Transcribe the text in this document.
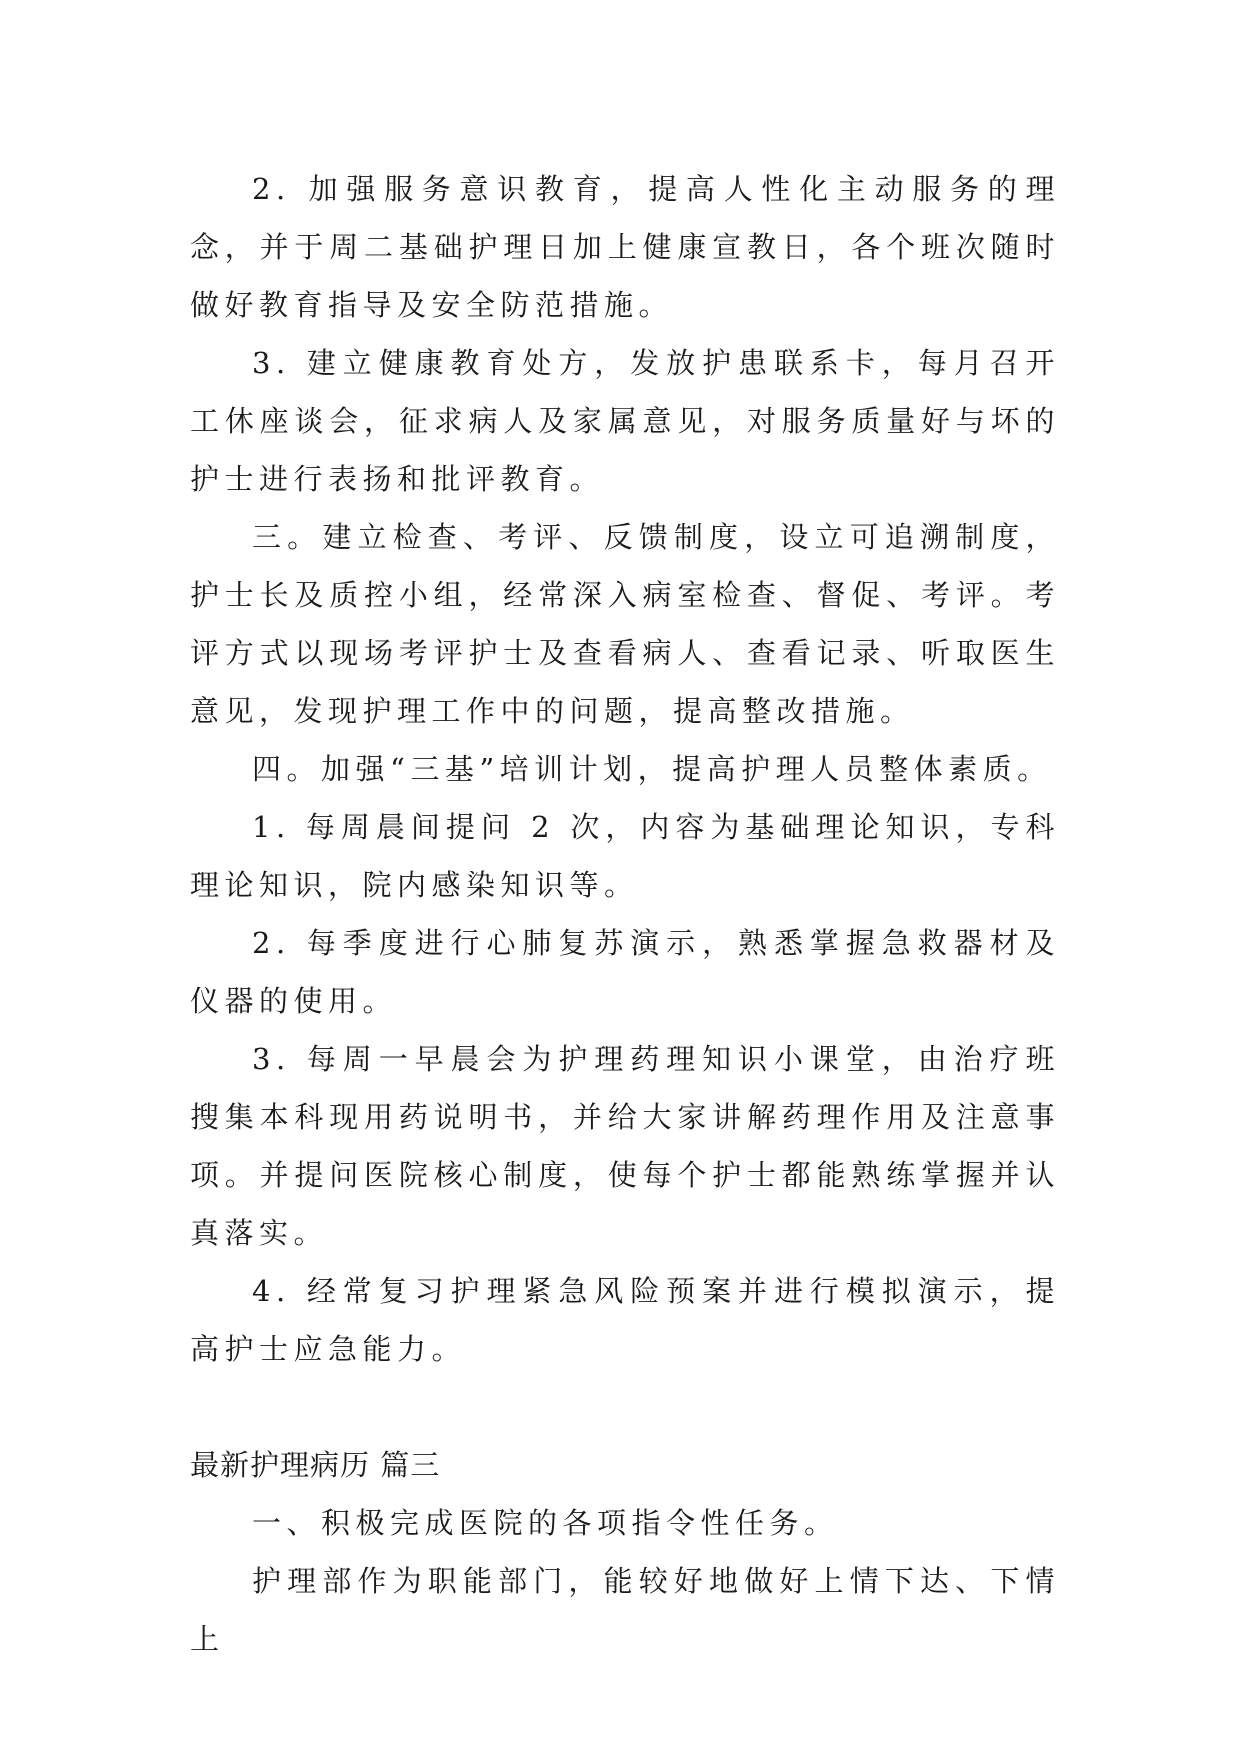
2. 加强服务意识教育，提高人性化主动服务的理念，并于周二基础护理日加上健康宣教日，各个班次随时做好教育指导及安全防范措施。

3. 建立健康教育处方，发放护患联系卡，每月召开工休座谈会，征求病人及家属意见，对服务质量好与坏的护士进行表扬和批评教育。

三。建立检查、考评、反馈制度，设立可追溯制度，护士长及质控小组，经常深入病室检查、督促、考评。考评方式以现场考评护士及查看病人、查看记录、听取医生意见，发现护理工作中的问题，提高整改措施。

四。加强“三基”培训计划，提高护理人员整体素质。

1. 每周晨间提问 2 次，内容为基础理论知识，专科理论知识，院内感染知识等。

2. 每季度进行心肺复苏演示，熟悉掌握急救器材及仪器的使用。

3. 每周一早晨会为护理药理知识小课堂，由治疗班搜集本科现用药说明书，并给大家讲解药理作用及注意事项。并提问医院核心制度，使每个护士都能熟练掌握并认真落实。

4. 经常复习护理紧急风险预案并进行模拟演示，提高护士应急能力。

最新护理病历 篇三

一、积极完成医院的各项指令性任务。

护理部作为职能部门，能较好地做好上情下达、下情上
